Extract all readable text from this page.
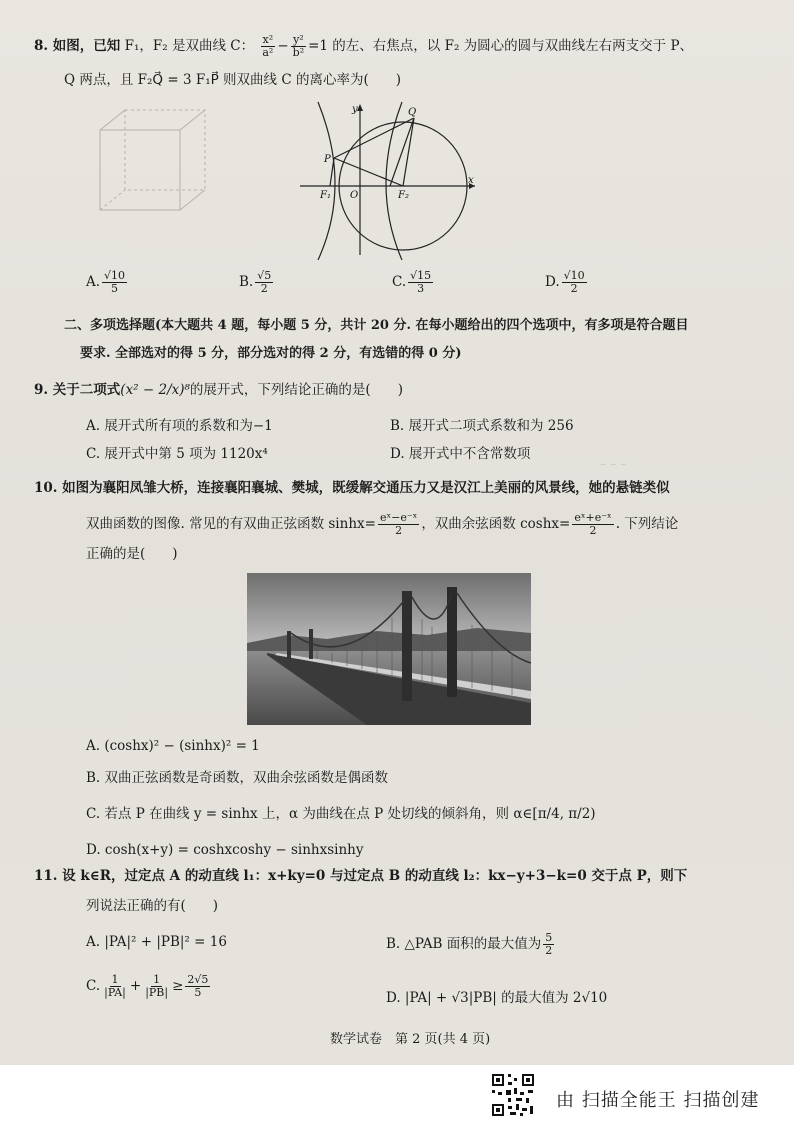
⁻ ⁻ ⁻
8. 如图，已知 F₁，F₂ 是双曲线 C： $\frac{\text{x²}}{\text{a²}} - \frac{\text{y²}}{\text{b²}} =1$ 的左、右焦点，以 F₂ 为圆心的圆与双曲线左右两支交于 P、
Q 两点，且 F₂Q⃗ = 3 F₁P⃗ 则双曲线 C 的离心率为(　　)
y
x
O
P
Q
F₁	F₂
A. $\frac{√10}{5}$	B. $\frac{√5}{2}$	C. $\frac{√15}{3}$	D. $\frac{√10}{2}$
二、多项选择题(本大题共 4 题，每小题 5 分，共计 20 分. 在每小题给出的四个选项中，有多项是符合题目
要求. 全部选对的得 5 分，部分选对的得 2 分，有选错的得 0 分)
9. 关于二项式(x² − 2/x)⁸的展开式，下列结论正确的是(　　)
A. 展开式所有项的系数和为−1	B. 展开式二项式系数和为 256
C. 展开式中第 5 项为 1120x⁴	D. 展开式中不含常数项
10. 如图为襄阳凤雏大桥，连接襄阳襄城、樊城，既缓解交通压力又是汉江上美丽的风景线，她的悬链类似
双曲函数的图像. 常见的有双曲正弦函数 $\sinh x= \frac{\text{eˣ−e⁻ˣ}}{2}$ ，双曲余弦函数 $\cosh x= \frac{\text{eˣ+e⁻ˣ}}{2}$ . 下列结论
正确的是(　　)
A. (coshx)² − (sinhx)² = 1
B. 双曲正弦函数是奇函数，双曲余弦函数是偶函数
C. 若点 P 在曲线 y = sinhx 上，α 为曲线在点 P 处切线的倾斜角，则 α∈[π/4, π/2)
D. cosh(x+y) = coshxcoshy − sinhxsinhy
11. 设 k∈R，过定点 A 的动直线 l₁：x+ky=0 与过定点 B 的动直线 l₂：kx−y+3−k=0 交于点 P，则下
列说法正确的有(　　)
A. |PA|² + |PB|² = 16	B. △PAB 面积的最大值为 $\frac{5}{2}$
C. $\frac{1}{|PA|} + \frac{1}{|PB|} \ge \frac{2√5}{5}$	D. |PA| + √3|PB| 的最大值为 2√10
数学试卷　第 2 页(共 4 页)
由 扫描全能王 扫描创建
